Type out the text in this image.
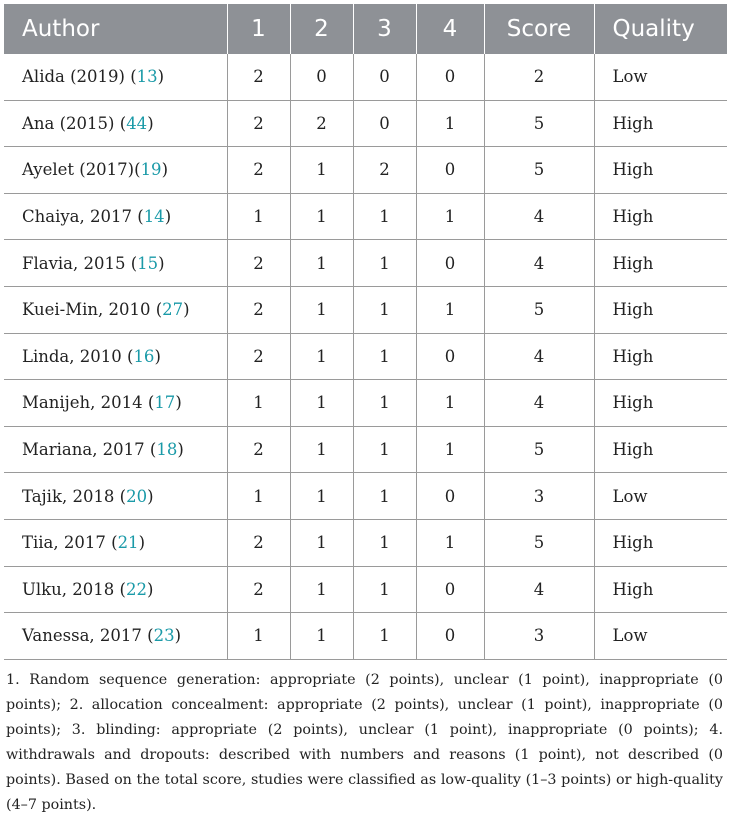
Author	1	2	3	4	Score	Quality
Alida (2019) (13)	2	0	0	0	2	Low
Ana (2015) (44)	2	2	0	1	5	High
Ayelet (2017)(19)	2	1	2	0	5	High
Chaiya, 2017 (14)	1	1	1	1	4	High
Flavia, 2015 (15)	2	1	1	0	4	High
Kuei-Min, 2010 (27)	2	1	1	1	5	High
Linda, 2010 (16)	2	1	1	0	4	High
Manijeh, 2014 (17)	1	1	1	1	4	High
Mariana, 2017 (18)	2	1	1	1	5	High
Tajik, 2018 (20)	1	1	1	0	3	Low
Tiia, 2017 (21)	2	1	1	1	5	High
Ulku, 2018 (22)	2	1	1	0	4	High
Vanessa, 2017 (23)	1	1	1	0	3	Low

1. Random sequence generation: appropriate (2 points), unclear (1 point), inappropriate (0 points); 2. allocation concealment: appropriate (2 points), unclear (1 point), inappropriate (0 points); 3. blinding: appropriate (2 points), unclear (1 point), inappropriate (0 points); 4. withdrawals and dropouts: described with numbers and reasons (1 point), not described (0 points). Based on the total score, studies were classified as low-quality (1–3 points) or high-quality (4–7 points).
